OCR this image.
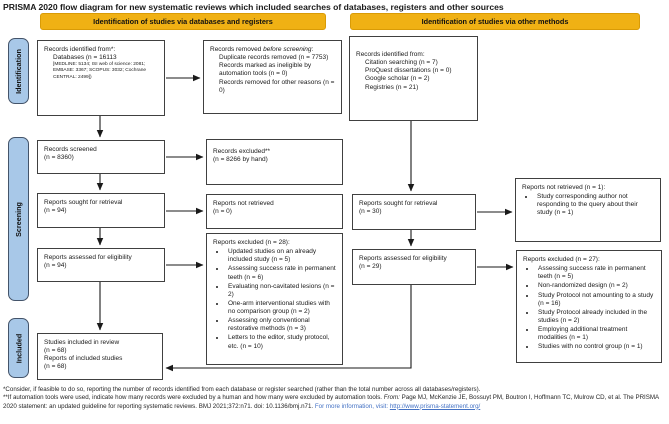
PRISMA 2020 flow diagram for new systematic reviews which included searches of databases, registers and other sources
Identification of studies via databases and registers	Identification of studies via other methods
Identification
Screening
Included
Records identified from*:
Databases (n = 16113
[MEDLINE: 5134; ISI web of science: 2081; EMBASE: 3367; SCOPUS: 3032; Cochrane CENTRAL: 2499])
Records removed before screening:
Duplicate records removed (n = 7753)
Records marked as ineligible by automation tools (n = 0)
Records removed for other reasons (n = 0)
Records identified from:
Citation searching (n = 7)
ProQuest dissertations (n = 0)
Google scholar (n = 2)
Registries (n = 21)
Records screened
(n = 8360)
Records excluded**
(n = 8266 by hand)
Reports sought for retrieval
(n = 94)
Reports not retrieved
(n = 0)
Reports assessed for eligibility
(n = 94)
Reports excluded (n = 28):
• Updated studies on an already included study (n = 5)
• Assessing success rate in permanent teeth (n = 6)
• Evaluating non-cavitated lesions (n = 2)
• One-arm interventional studies with no comparison group (n = 2)
• Assessing only conventional restorative methods (n = 3)
• Letters to the editor, study protocol, etc. (n = 10)
Studies included in review
(n = 68)
Reports of included studies
(n = 68)
Reports sought for retrieval
(n = 30)
Reports not retrieved (n = 1):
• Study corresponding author not responding to the query about their study (n = 1)
Reports assessed for eligibility
(n = 29)
Reports excluded (n = 27):
• Assessing success rate in permanent teeth (n = 5)
• Non-randomized design (n = 2)
• Study Protocol not amounting to a study (n = 16)
• Study Protocol already included in the studies (n = 2)
• Employing additional treatment modalities (n = 1)
• Studies with no control group (n = 1)

*Consider, if feasible to do so, reporting the number of records identified from each database or register searched (rather than the total number across all databases/registers).

**If automation tools were used, indicate how many records were excluded by a human and how many were excluded by automation tools. From: Page MJ, McKenzie JE, Bossuyt PM, Boutron I, Hoffmann TC, Mulrow CD, et al. The PRISMA 2020 statement: an updated guideline for reporting systematic reviews. BMJ 2021;372:n71. doi: 10.1136/bmj.n71. For more information, visit: http://www.prisma-statement.org/
